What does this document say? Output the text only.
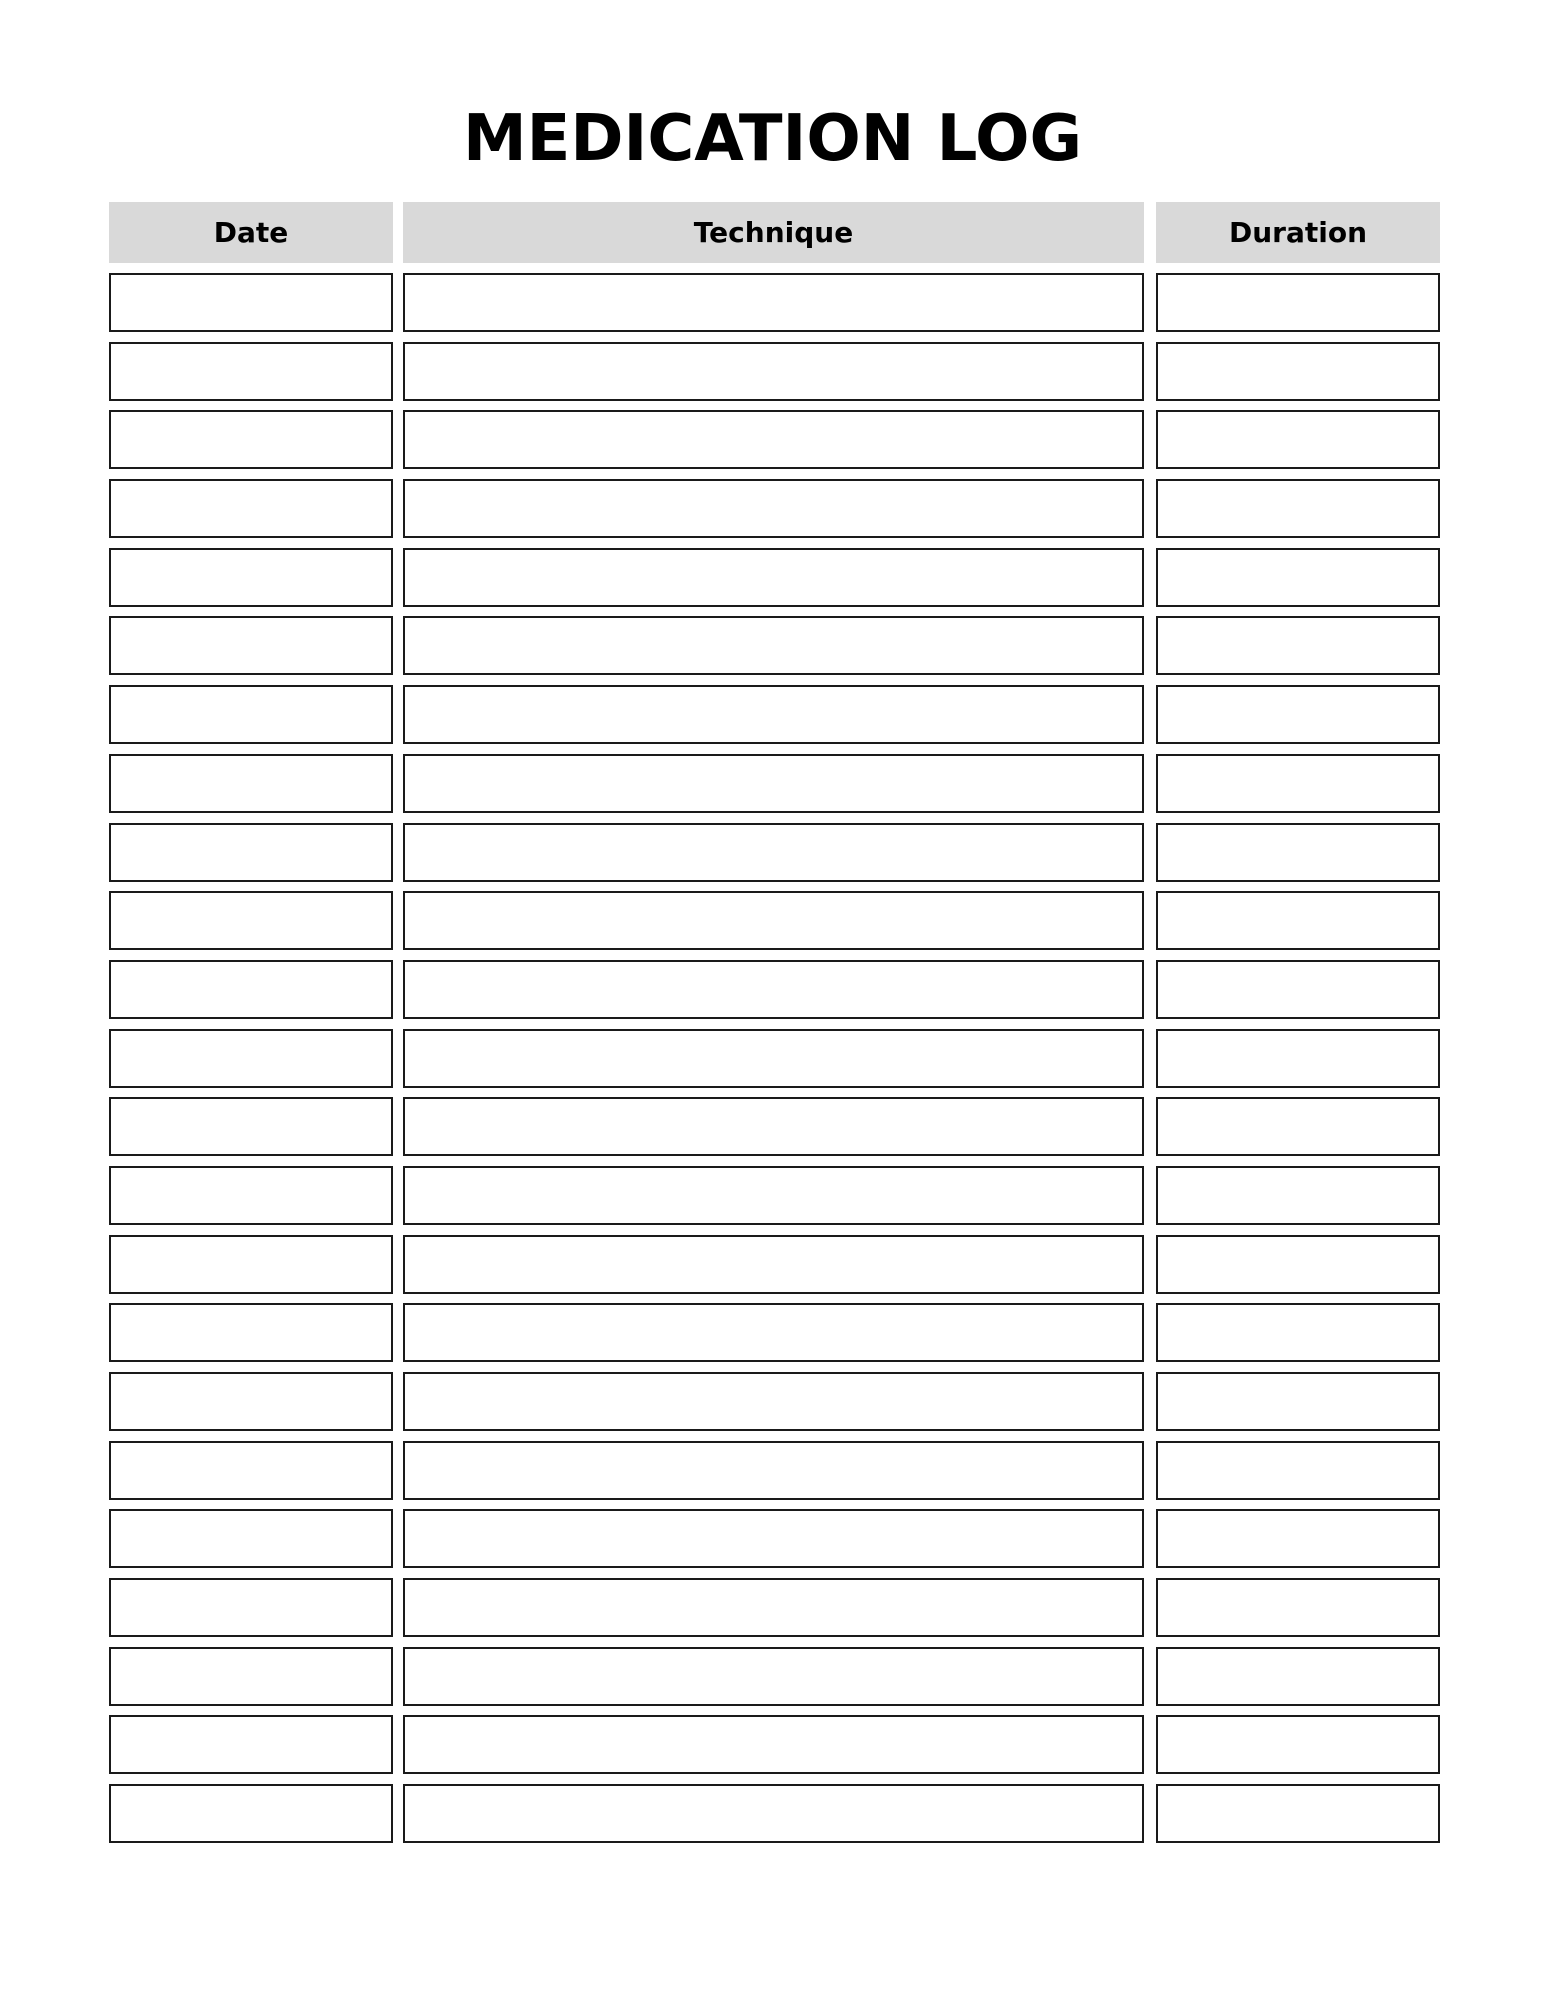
MEDICATION LOG
Date	Technique	Duration
